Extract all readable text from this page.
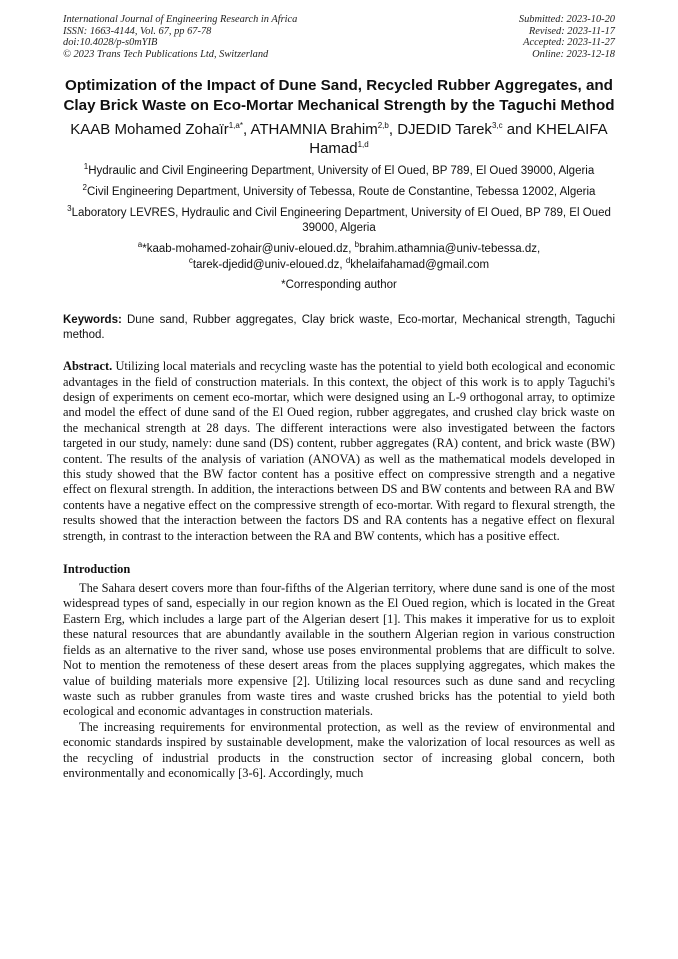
International Journal of Engineering Research in Africa
ISSN: 1663-4144, Vol. 67, pp 67-78
doi:10.4028/p-s0mYIB
© 2023 Trans Tech Publications Ltd, Switzerland
Submitted: 2023-10-20
Revised: 2023-11-17
Accepted: 2023-11-27
Online: 2023-12-18
Optimization of the Impact of Dune Sand, Recycled Rubber Aggregates, and Clay Brick Waste on Eco-Mortar Mechanical Strength by the Taguchi Method
KAAB Mohamed Zohaïr$^{1,a*}$, ATHAMNIA Brahim$^{2,b}$, DJEDID Tarek$^{3,c}$ and KHELAIFA Hamad$^{1,d}$
$^1$Hydraulic and Civil Engineering Department, University of El Oued, BP 789, El Oued 39000, Algeria
$^2$Civil Engineering Department, University of Tebessa, Route de Constantine, Tebessa 12002, Algeria
$^3$Laboratory LEVRES, Hydraulic and Civil Engineering Department, University of El Oued, BP 789, El Oued 39000, Algeria
$^a$*kaab-mohamed-zohair@univ-eloued.dz, $^b$brahim.athamnia@univ-tebessa.dz,
$^c$tarek-djedid@univ-eloued.dz, $^d$khelaifahamad@gmail.com
*Corresponding author
Keywords: Dune sand, Rubber aggregates, Clay brick waste, Eco-mortar, Mechanical strength, Taguchi method.
Abstract. Utilizing local materials and recycling waste has the potential to yield both ecological and economic advantages in the field of construction materials. In this context, the object of this work is to apply Taguchi's design of experiments on cement eco-mortar, which were designed using an L-9 orthogonal array, to optimize and model the effect of dune sand of the El Oued region, rubber aggregates, and crushed clay brick waste on the mechanical strength at 28 days. The different interactions were also investigated between the factors targeted in our study, namely: dune sand (DS) content, rubber aggregates (RA) content, and brick waste (BW) content. The results of the analysis of variation (ANOVA) as well as the mathematical models developed in this study showed that the BW factor content has a positive effect on compressive strength and a negative effect on flexural strength. In addition, the interactions between DS and BW contents and between RA and BW contents have a negative effect on the compressive strength of eco-mortar. With regard to flexural strength, the results showed that the interaction between the factors DS and RA contents has a negative effect on flexural strength, in contrast to the interaction between the RA and BW contents, which has a positive effect.
Introduction
The Sahara desert covers more than four-fifths of the Algerian territory, where dune sand is one of the most widespread types of sand, especially in our region known as the El Oued region, which is located in the Great Eastern Erg, which includes a large part of the Algerian desert [1]. This makes it imperative for us to exploit these natural resources that are abundantly available in the southern Algerian region in various construction fields as an alternative to the river sand, whose use poses environmental problems that are difficult to solve. Not to mention the remoteness of these desert areas from the places supplying aggregates, which makes the value of building materials more expensive [2]. Utilizing local resources such as dune sand and recycling waste such as rubber granules from waste tires and waste crushed bricks has the potential to yield both ecological and economic advantages in construction materials.
The increasing requirements for environmental protection, as well as the review of environmental and economic standards inspired by sustainable development, make the valorization of local resources as well as the recycling of industrial products in the construction sector of increasing global concern, both environmentally and economically [3-6]. Accordingly, much
